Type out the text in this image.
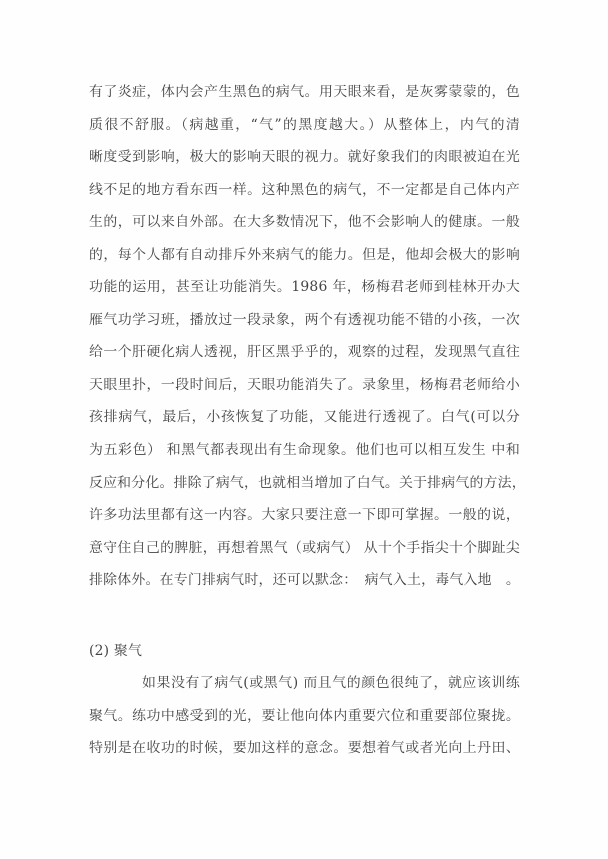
有了炎症，体内会产生黑色的病气。用天眼来看，是灰雾蒙蒙的，色
质很不舒服。（病越重，“气”的黑度越大。）从整体上，内气的清
晰度受到影响，极大的影响天眼的视力。就好象我们的肉眼被迫在光
线不足的地方看东西一样。这种黑色的病气，不一定都是自己体内产
生的，可以来自外部。在大多数情况下，他不会影响人的健康。一般
的，每个人都有自动排斥外来病气的能力。但是，他却会极大的影响
功能的运用，甚至让功能消失。1986 年，杨梅君老师到桂林开办大
雁气功学习班，播放过一段录象，两个有透视功能不错的小孩，一次
给一个肝硬化病人透视，肝区黑乎乎的，观察的过程，发现黑气直往
天眼里扑，一段时间后，天眼功能消失了。录象里，杨梅君老师给小
孩排病气，最后，小孩恢复了功能，又能进行透视了。白气(可以分
为五彩色） 和黑气都表现出有生命现象。他们也可以相互发生 中和
反应和分化。排除了病气，也就相当增加了白气。关于排病气的方法，
许多功法里都有这一内容。大家只要注意一下即可掌握。一般的说，
意守住自己的脾脏，再想着黑气（或病气） 从十个手指尖十个脚趾尖
排除体外。在专门排病气时，还可以默念：　病气入土，毒气入地　。
(2) 聚气
如果没有了病气(或黑气) 而且气的颜色很纯了，就应该训练
聚气。练功中感受到的光，要让他向体内重要穴位和重要部位聚拢。
特别是在收功的时候，要加这样的意念。要想着气或者光向上丹田、
